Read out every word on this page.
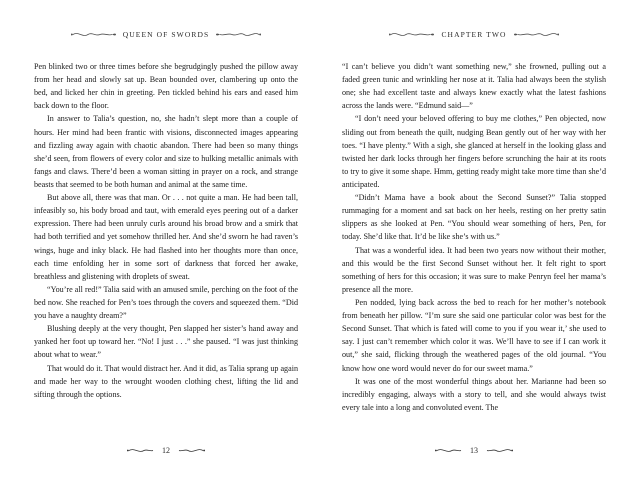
QUEEN OF SWORDS

Pen blinked two or three times before she begrudgingly pushed the pillow away from her head and slowly sat up. Bean bounded over, clambering up onto the bed, and licked her chin in greeting. Pen tickled behind his ears and eased him back down to the floor.

In answer to Talia’s question, no, she hadn’t slept more than a couple of hours. Her mind had been frantic with visions, disconnected images appearing and fizzling away again with chaotic abandon. There had been so many things she’d seen, from flowers of every color and size to hulking metallic animals with fangs and claws. There’d been a woman sitting in prayer on a rock, and strange beasts that seemed to be both human and animal at the same time.

But above all, there was that man. Or . . . not quite a man. He had been tall, infeasibly so, his body broad and taut, with emerald eyes peering out of a darker expression. There had been unruly curls around his broad brow and a smirk that had both terrified and yet somehow thrilled her. And she’d sworn he had raven’s wings, huge and inky black. He had flashed into her thoughts more than once, each time enfolding her in some sort of darkness that forced her awake, breathless and glistening with droplets of sweat.

“You’re all red!” Talia said with an amused smile, perching on the foot of the bed now. She reached for Pen’s toes through the covers and squeezed them. “Did you have a naughty dream?”

Blushing deeply at the very thought, Pen slapped her sister’s hand away and yanked her foot up toward her. “No! I just . . .” she paused. “I was just thinking about what to wear.”

That would do it. That would distract her. And it did, as Talia sprang up again and made her way to the wrought wooden clothing chest, lifting the lid and sifting through the options.

12
CHAPTER TWO

“I can’t believe you didn’t want something new,” she frowned, pulling out a faded green tunic and wrinkling her nose at it. Talia had always been the stylish one; she had excellent taste and always knew exactly what the latest fashions across the lands were. “Edmund said—”

“I don’t need your beloved offering to buy me clothes,” Pen objected, now sliding out from beneath the quilt, nudging Bean gently out of her way with her toes. “I have plenty.” With a sigh, she glanced at herself in the looking glass and twisted her dark locks through her fingers before scrunching the hair at its roots to try to give it some shape. Hmm, getting ready might take more time than she’d anticipated.

“Didn’t Mama have a book about the Second Sunset?” Talia stopped rummaging for a moment and sat back on her heels, resting on her pretty satin slippers as she looked at Pen. “You should wear something of hers, Pen, for today. She’d like that. It’d be like she’s with us.”

That was a wonderful idea. It had been two years now without their mother, and this would be the first Second Sunset without her. It felt right to sport something of hers for this occasion; it was sure to make Penryn feel her mama’s presence all the more.

Pen nodded, lying back across the bed to reach for her mother’s notebook from beneath her pillow. “I’m sure she said one particular color was best for the Second Sunset. That which is fated will come to you if you wear it,’ she used to say. I just can’t remember which color it was. We’ll have to see if I can work it out,” she said, flicking through the weathered pages of the old journal. “You know how one word would never do for our sweet mama.”

It was one of the most wonderful things about her. Marianne had been so incredibly engaging, always with a story to tell, and she would always twist every tale into a long and convoluted event. The

13
